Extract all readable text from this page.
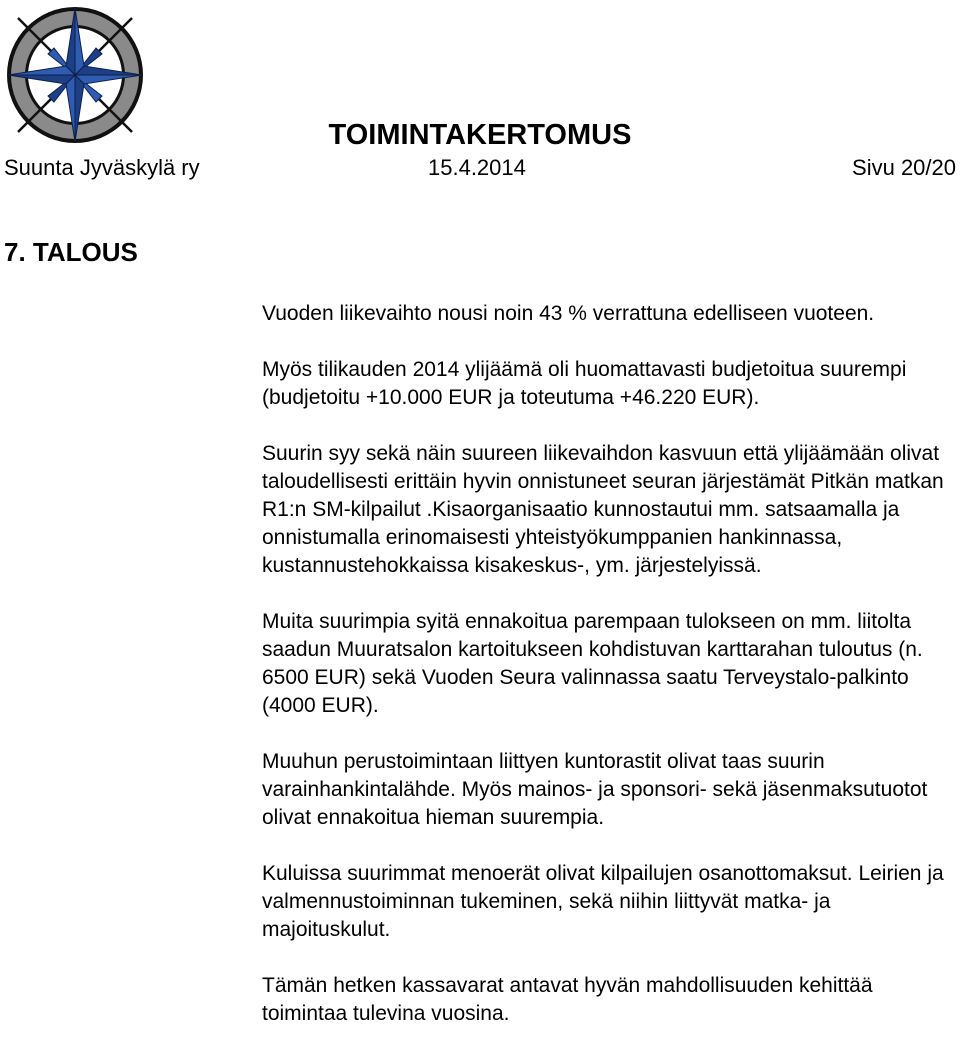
TOIMINTAKERTOMUS
Suunta Jyväskylä ry	15.4.2014	Sivu 20/20
7. TALOUS

Vuoden liikevaihto nousi noin 43 % verrattuna edelliseen vuoteen.

Myös tilikauden 2014 ylijäämä oli huomattavasti budjetoitua suurempi (budjetoitu +10.000 EUR ja toteutuma +46.220 EUR).

Suurin syy sekä näin suureen liikevaihdon kasvuun että ylijäämään olivat taloudellisesti erittäin hyvin onnistuneet seuran järjestämät Pitkän matkan R1:n SM-kilpailut .Kisaorganisaatio kunnostautui mm. satsaamalla ja onnistumalla erinomaisesti yhteistyökumppanien hankinnassa, kustannustehokkaissa kisakeskus-, ym. järjestelyissä.

Muita suurimpia syitä ennakoitua parempaan tulokseen on mm. liitolta saadun Muuratsalon kartoitukseen kohdistuvan karttarahan tuloutus (n. 6500 EUR) sekä Vuoden Seura valinnassa saatu Terveystalo-palkinto (4000 EUR).

Muuhun perustoimintaan liittyen kuntorastit olivat taas suurin varainhankintalähde. Myös mainos- ja sponsori- sekä jäsenmaksutuotot olivat ennakoitua hieman suurempia.

Kuluissa suurimmat menoerät olivat kilpailujen osanottomaksut. Leirien ja valmennustoiminnan tukeminen, sekä niihin liittyvät matka- ja majoituskulut.

Tämän hetken kassavarat antavat hyvän mahdollisuuden kehittää toimintaa tulevina vuosina.
